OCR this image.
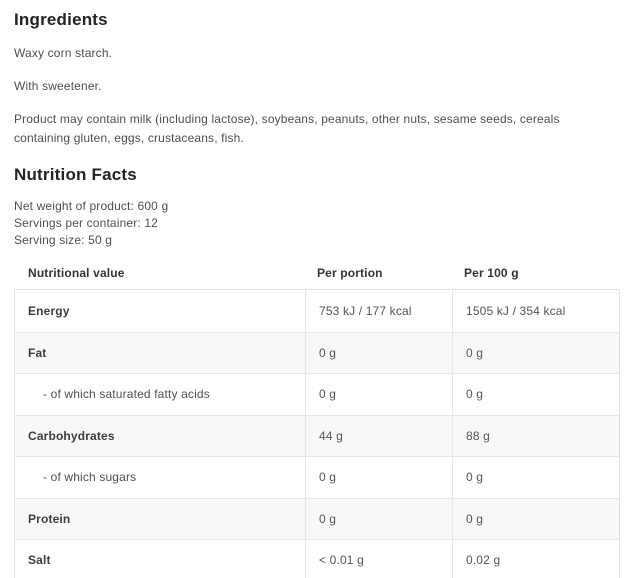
Ingredients

Waxy corn starch.

With sweetener.

Product may contain milk (including lactose), soybeans, peanuts, other nuts, sesame seeds, cereals containing gluten, eggs, crustaceans, fish.

Nutrition Facts
Net weight of product: 600 g
Servings per container: 12
Serving size: 50 g
Nutritional value	Per portion	Per 100 g
Energy	753 kJ / 177 kcal	1505 kJ / 354 kcal
Fat	0 g	0 g
- of which saturated fatty acids	0 g	0 g
Carbohydrates	44 g	88 g
- of which sugars	0 g	0 g
Protein	0 g	0 g
Salt	< 0.01 g	0.02 g
